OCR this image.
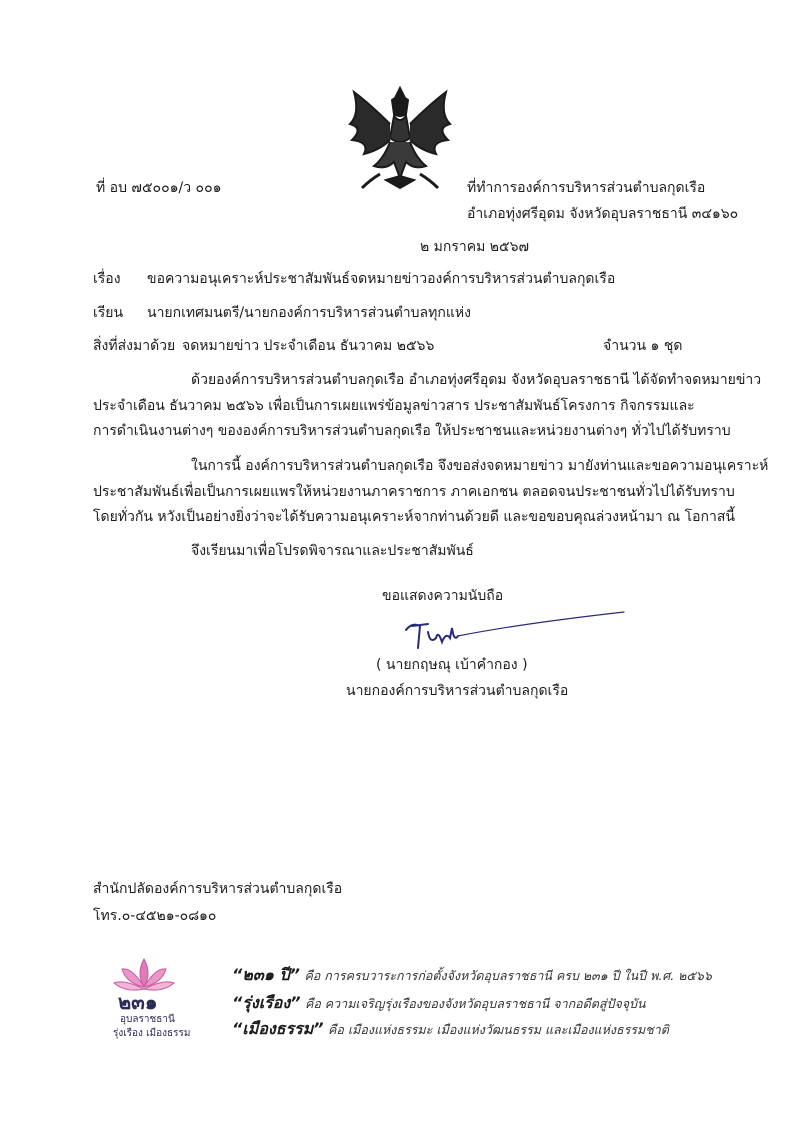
ที่ อบ ๗๕๐๐๑/ว ๐๐๑	ที่ทำการองค์การบริหารส่วนตำบลกุดเรือ
อำเภอทุ่งศรีอุดม จังหวัดอุบลราชธานี ๓๔๑๖๐
๒ มกราคม ๒๕๖๗
เรื่อง ขอความอนุเคราะห์ประชาสัมพันธ์จดหมายข่าวองค์การบริหารส่วนตำบลกุดเรือ
เรียน นายกเทศมนตรี/นายกองค์การบริหารส่วนตำบลทุกแห่ง
สิ่งที่ส่งมาด้วย จดหมายข่าว ประจำเดือน ธันวาคม ๒๕๖๖	จำนวน ๑ ชุด
ด้วยองค์การบริหารส่วนตำบลกุดเรือ อำเภอทุ่งศรีอุดม จังหวัดอุบลราชธานี ได้จัดทำจดหมายข่าว
ประจำเดือน ธันวาคม ๒๕๖๖ เพื่อเป็นการเผยแพร่ข้อมูลข่าวสาร ประชาสัมพันธ์โครงการ กิจกรรมและ
การดำเนินงานต่างๆ ขององค์การบริหารส่วนตำบลกุดเรือ ให้ประชาชนและหน่วยงานต่างๆ ทั่วไปได้รับทราบ
ในการนี้ องค์การบริหารส่วนตำบลกุดเรือ จึงขอส่งจดหมายข่าว มายังท่านและขอความอนุเคราะห์
ประชาสัมพันธ์เพื่อเป็นการเผยแพรให้หน่วยงานภาคราชการ ภาคเอกชน ตลอดจนประชาชนทั่วไปได้รับทราบ
โดยทั่วกัน หวังเป็นอย่างยิ่งว่าจะได้รับความอนุเคราะห์จากท่านด้วยดี และขอขอบคุณล่วงหน้ามา ณ โอกาสนี้
จึงเรียนมาเพื่อโปรดพิจารณาและประชาสัมพันธ์
ขอแสดงความนับถือ
( นายกฤษณุ เบ้าคำกอง )
นายกองค์การบริหารส่วนตำบลกุดเรือ
สำนักปลัดองค์การบริหารส่วนตำบลกุดเรือ
โทร.๐-๔๕๒๑-๐๘๑๐
๒๓๑
อุบลราชธานี
รุ่งเรือง เมืองธรรม
“๒๓๑ ปี” คือ การครบวาระการก่อตั้งจังหวัดอุบลราชธานี ครบ ๒๓๑ ปี ในปี พ.ศ. ๒๕๖๖
“รุ่งเรือง” คือ ความเจริญรุ่งเรืองของจังหวัดอุบลราชธานี จากอดีตสู่ปัจจุบัน
“เมืองธรรม” คือ เมืองแห่งธรรมะ เมืองแห่งวัฒนธรรม และเมืองแห่งธรรมชาติ
